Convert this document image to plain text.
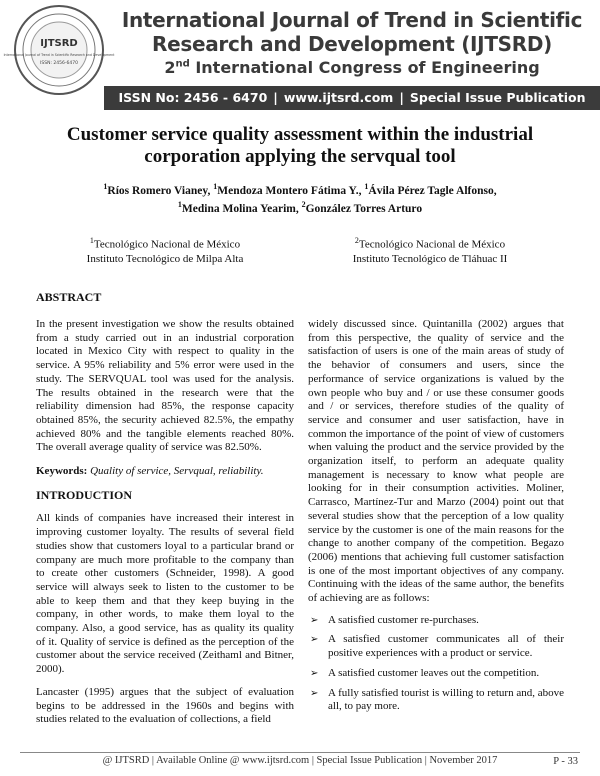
IJTSRD
International Journal of Trend in Scientific Research and Development
ISSN: 2456-6470
International Journal of Trend in Scientific Research and Development (IJTSRD)
2nd International Congress of Engineering
ISSN No: 2456 - 6470 | www.ijtsrd.com | Special Issue Publication
Customer service quality assessment within the industrial corporation applying the servqual tool
$^1$Ríos Romero Vianey, $^1$Mendoza Montero Fátima Y., $^1$Ávila Pérez Tagle Alfonso,
$^1$Medina Molina Yearim, $^2$González Torres Arturo
$^1$Tecnológico Nacional de México
Instituto Tecnológico de Milpa Alta
$^2$Tecnológico Nacional de México
Instituto Tecnológico de Tláhuac II
ABSTRACT

In the present investigation we show the results obtained from a study carried out in an industrial corporation located in Mexico City with respect to quality in the service. A 95% reliability and 5% error were used in the study. The SERVQUAL tool was used for the analysis. The results obtained in the research were that the reliability dimension had 85%, the response capacity obtained 85%, the security achieved 82.5%, the empathy achieved 80% and the tangible elements reached 80%. The overall average quality of service was 82.50%.

Keywords: Quality of service, Servqual, reliability.

INTRODUCTION

All kinds of companies have increased their interest in improving customer loyalty. The results of several field studies show that customers loyal to a particular brand or company are much more profitable to the company than to create other customers (Schneider, 1998). A good service will always seek to listen to the customer to be able to keep them and that they keep buying in the company, in other words, to make them loyal to the company. Also, a good service, has as quality its quality of it. Quality of service is defined as the perception of the customer about the service received (Zeithaml and Bitner, 2000).

Lancaster (1995) argues that the subject of evaluation begins to be addressed in the 1960s and begins with studies related to the evaluation of collections, a field

widely discussed since. Quintanilla (2002) argues that from this perspective, the quality of service and the satisfaction of users is one of the main areas of study of the behavior of consumers and users, since the performance of service organizations is valued by the own people who buy and / or use these consumer goods and / or services, therefore studies of the quality of service and consumer and user satisfaction, have in common the importance of the point of view of customers when valuing the product and the service provided by the organization itself, to perform an adequate quality management is necessary to know what people are looking for in their consumption activities. Moliner, Carrasco, Martínez-Tur and Marzo (2004) point out that several studies show that the perception of a low quality service by the customer is one of the main reasons for the change to another company of the competition. Begazo (2006) mentions that achieving full customer satisfaction is one of the most important objectives of any company. Continuing with the ideas of the same author, the benefits of achieving are as follows:

➢ A satisfied customer re-purchases.
➢ A satisfied customer communicates all of their positive experiences with a product or service.
➢ A satisfied customer leaves out the competition.
➢ A fully satisfied tourist is willing to return and, above all, to pay more.
@ IJTSRD | Available Online @ www.ijtsrd.com | Special Issue Publication | November 2017	P - 33
